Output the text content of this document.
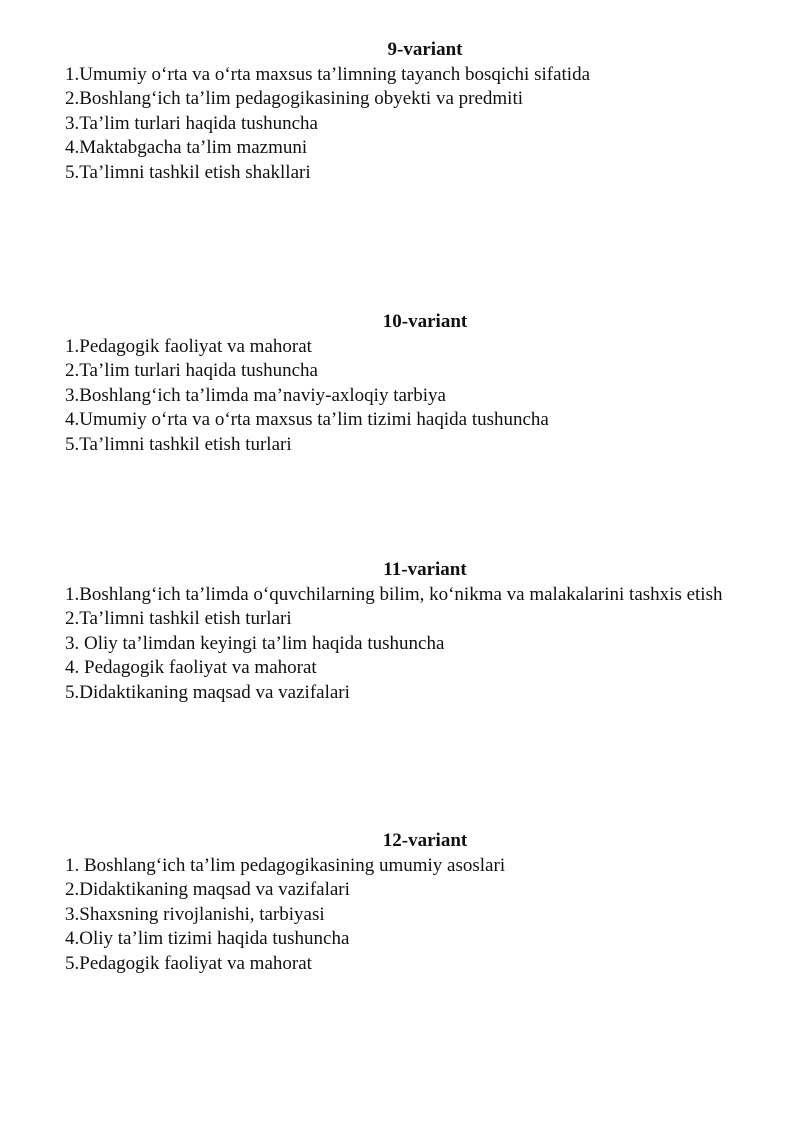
9-variant
1.Umumiy o‘rta va o‘rta maxsus ta’limning tayanch bosqichi sifatida
2.Boshlang‘ich ta’lim pedagogikasining obyekti va predmiti
3.Ta’lim turlari haqida tushuncha
4.Maktabgacha ta’lim mazmuni
5.Ta’limni tashkil etish shakllari
10-variant
1.Pedagogik faoliyat va mahorat
2.Ta’lim turlari haqida tushuncha
3.Boshlang‘ich ta’limda ma’naviy-axloqiy tarbiya
4.Umumiy o‘rta va o‘rta maxsus ta’lim tizimi haqida tushuncha
5.Ta’limni tashkil etish turlari
11-variant
1.Boshlang‘ich ta’limda o‘quvchilarning bilim, ko‘nikma va malakalarini tashxis etish
2.Ta’limni tashkil etish turlari
3. Oliy ta’limdan keyingi ta’lim haqida tushuncha
4. Pedagogik faoliyat va mahorat
5.Didaktikaning maqsad va vazifalari
12-variant
1. Boshlang‘ich ta’lim pedagogikasining umumiy asoslari
2.Didaktikaning maqsad va vazifalari
3.Shaxsning rivojlanishi, tarbiyasi
4.Oliy ta’lim tizimi haqida tushuncha
5.Pedagogik faoliyat va mahorat
